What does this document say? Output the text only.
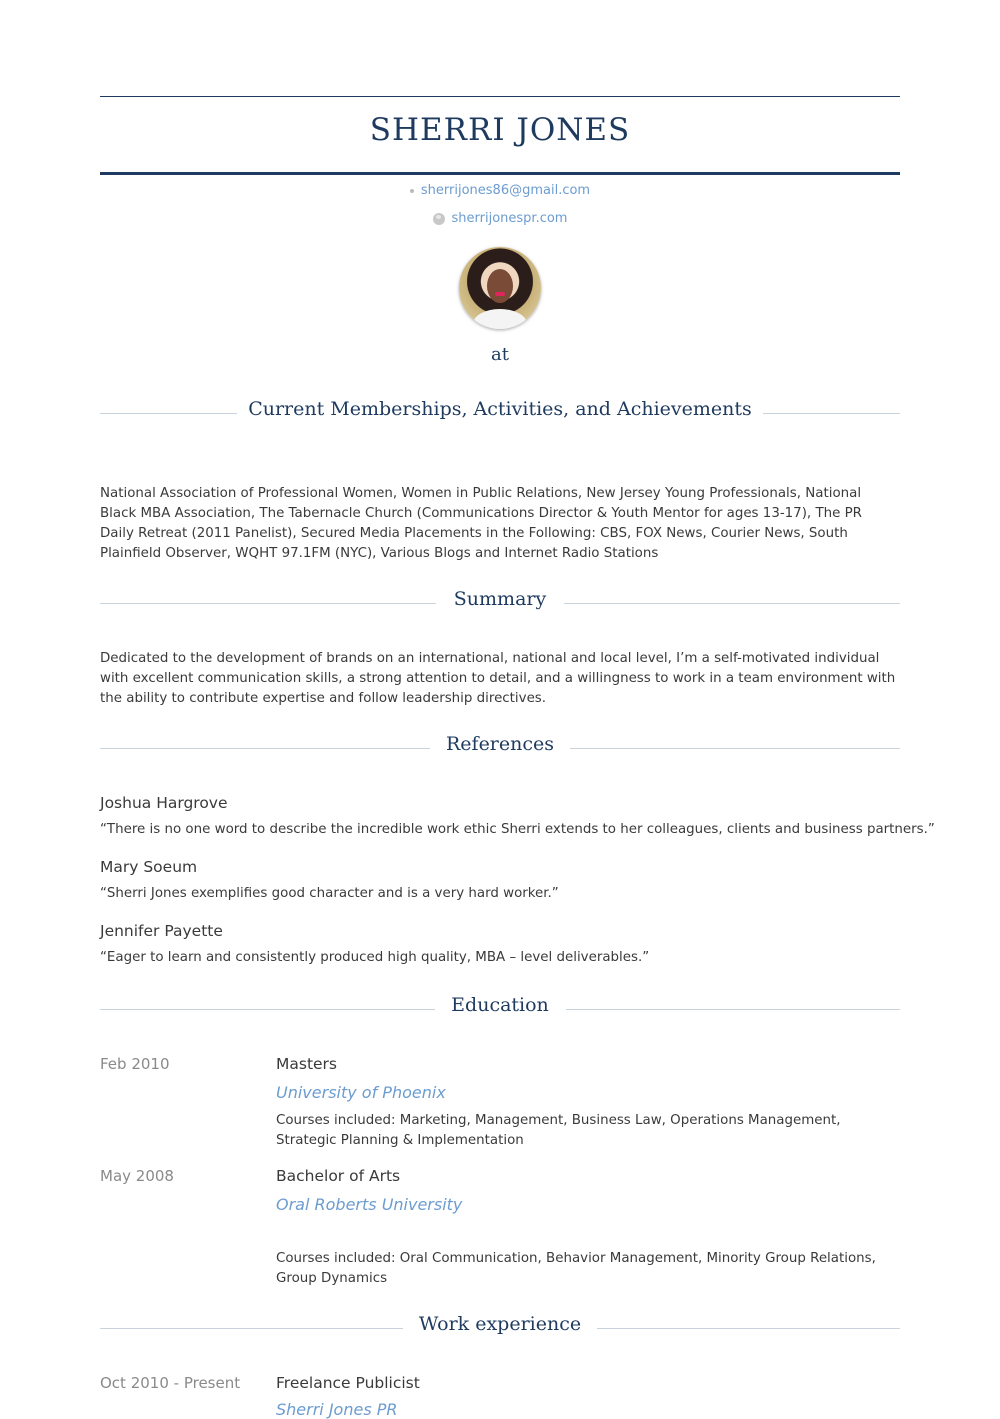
SHERRI JONES
sherrijones86@gmail.com
sherrijonespr.com
at
Current Memberships, Activities, and Achievements
National Association of Professional Women, Women in Public Relations, New Jersey Young Professionals, National Black MBA Association, The Tabernacle Church (Communications Director & Youth Mentor for ages 13-17), The PR Daily Retreat (2011 Panelist), Secured Media Placements in the Following: CBS, FOX News, Courier News, South Plainfield Observer, WQHT 97.1FM (NYC), Various Blogs and Internet Radio Stations
Summary
Dedicated to the development of brands on an international, national and local level, I’m a self-motivated individual with excellent communication skills, a strong attention to detail, and a willingness to work in a team environment with the ability to contribute expertise and follow leadership directives.
References
Joshua Hargrove
“There is no one word to describe the incredible work ethic Sherri extends to her colleagues, clients and business partners.”
Mary Soeum
“Sherri Jones exemplifies good character and is a very hard worker.”
Jennifer Payette
“Eager to learn and consistently produced high quality, MBA – level deliverables.”
Education
Feb 2010	Masters
University of Phoenix
Courses included: Marketing, Management, Business Law, Operations Management, Strategic Planning & Implementation
May 2008	Bachelor of Arts
Oral Roberts University
Courses included: Oral Communication, Behavior Management, Minority Group Relations, Group Dynamics
Work experience
Oct 2010 - Present Freelance Publicist
Sherri Jones PR
